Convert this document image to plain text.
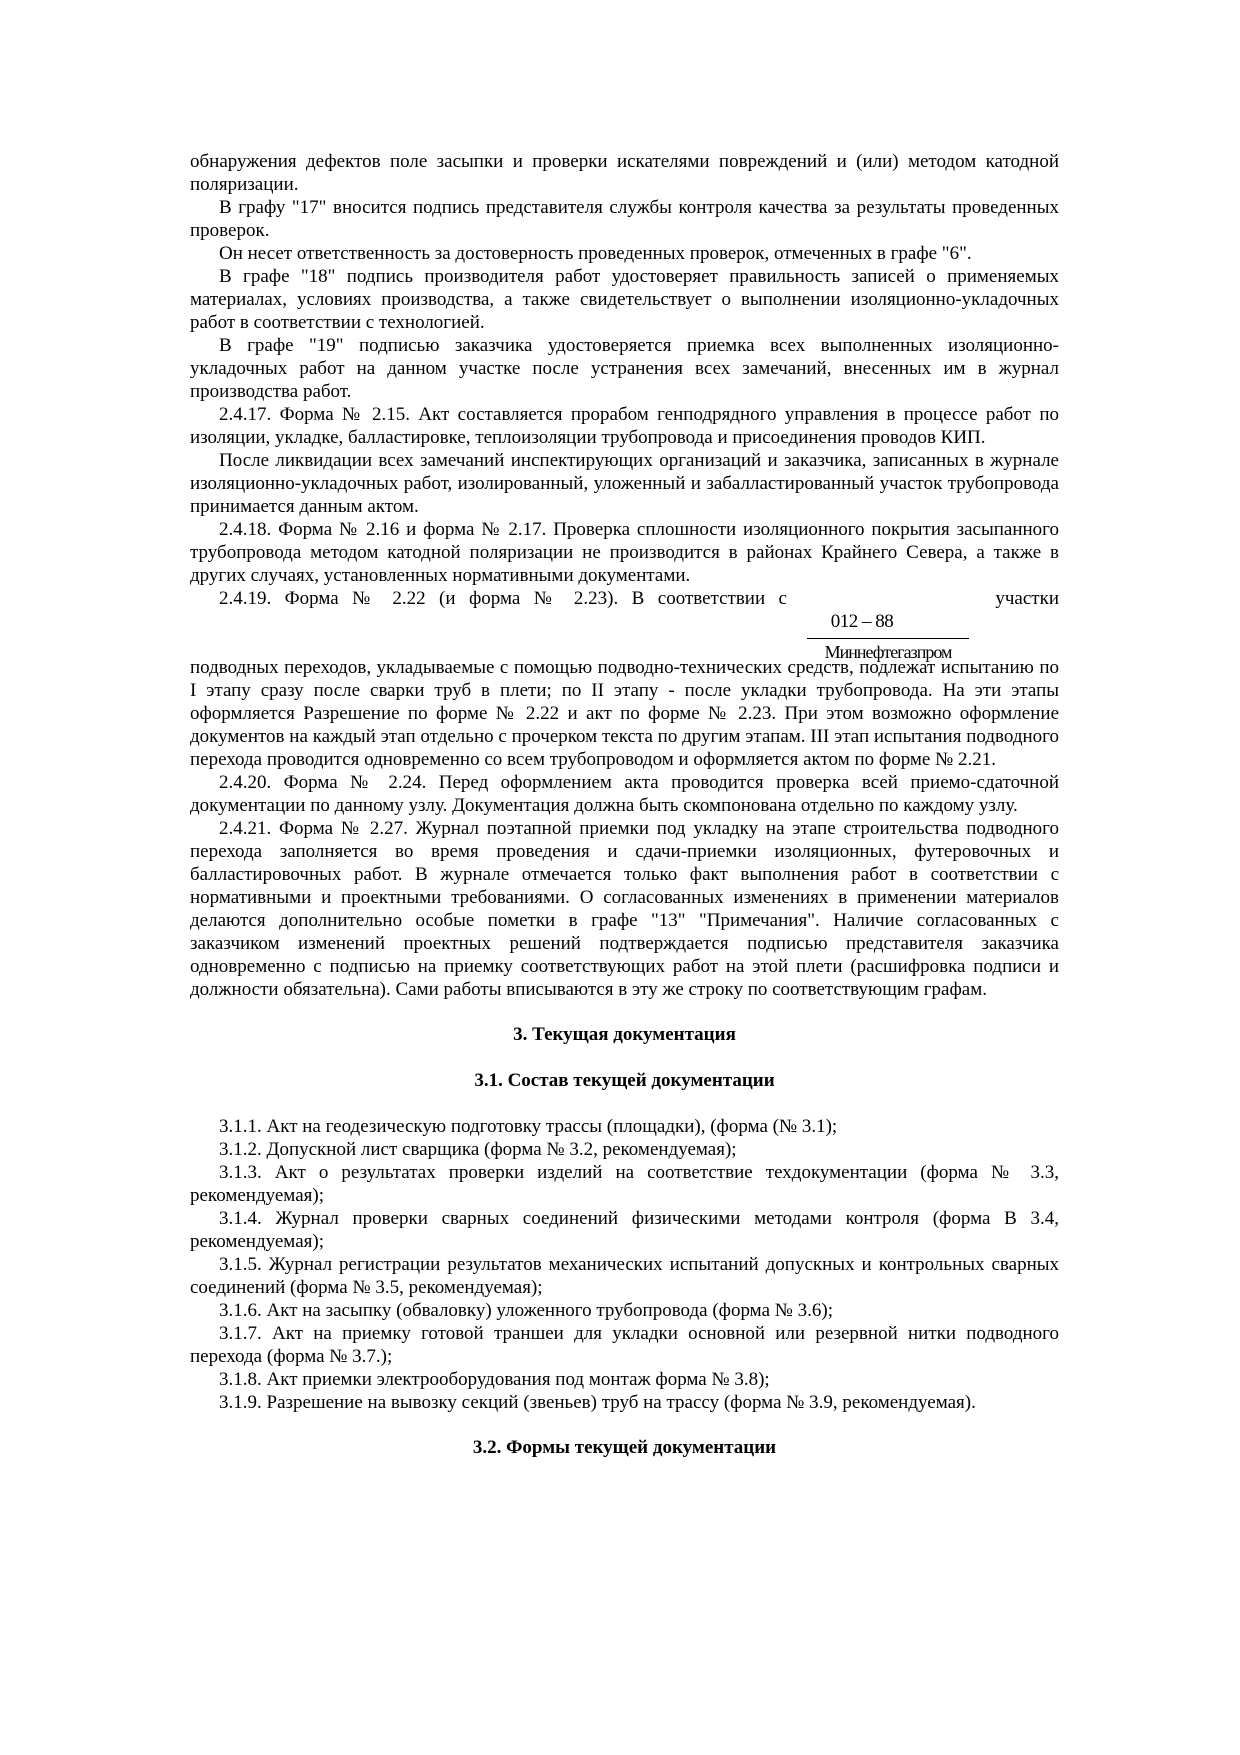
обнаружения дефектов поле засыпки и проверки искателями повреждений и (или) методом катодной поляризации.

В графу "17" вносится подпись представителя службы контроля качества за результаты проведенных проверок.

Он несет ответственность за достоверность проведенных проверок, отмеченных в графе "6".

В графе "18" подпись производителя работ удостоверяет правильность записей о применяемых материалах, условиях производства, а также свидетельствует о выполнении изоляционно-укладочных работ в соответствии с технологией.

В графе "19" подписью заказчика удостоверяется приемка всех выполненных изоляционно-укладочных работ на данном участке после устранения всех замечаний, внесенных им в журнал производства работ.

2.4.17. Форма № 2.15. Акт составляется прорабом генподрядного управления в процессе работ по изоляции, укладке, балластировке, теплоизоляции трубопровода и присоединения проводов КИП.

После ликвидации всех замечаний инспектирующих организаций и заказчика, записанных в журнале изоляционно-укладочных работ, изолированный, уложенный и забалластированный участок трубопровода принимается данным актом.

2.4.18. Форма № 2.16 и форма № 2.17. Проверка сплошности изоляционного покрытия засыпанного трубопровода методом катодной поляризации не производится в районах Крайнего Севера, а также в других случаях, установленных нормативными документами.

2.4.19. Форма № 2.22 (и форма № 2.23). В соответствии с	участки
012 – 88
Миннефтегазпром

подводных переходов, укладываемые с помощью подводно-технических средств, подлежат испытанию по I этапу сразу после сварки труб в плети; по II этапу - после укладки трубопровода. На эти этапы оформляется Разрешение по форме № 2.22 и акт по форме № 2.23. При этом возможно оформление документов на каждый этап отдельно с прочерком текста по другим этапам. III этап испытания подводного перехода проводится одновременно со всем трубопроводом и оформляется актом по форме № 2.21.

2.4.20. Форма № 2.24. Перед оформлением акта проводится проверка всей приемо-сдаточной документации по данному узлу. Документация должна быть скомпонована отдельно по каждому узлу.

2.4.21. Форма № 2.27. Журнал поэтапной приемки под укладку на этапе строительства подводного перехода заполняется во время проведения и сдачи-приемки изоляционных, футеровочных и балластировочных работ. В журнале отмечается только факт выполнения работ в соответствии с нормативными и проектными требованиями. О согласованных изменениях в применении материалов делаются дополнительно особые пометки в графе "13" "Примечания". Наличие согласованных с заказчиком изменений проектных решений подтверждается подписью представителя заказчика одновременно с подписью на приемку соответствующих работ на этой плети (расшифровка подписи и должности обязательна). Сами работы вписываются в эту же строку по соответствующим графам.

3. Текущая документация

3.1. Состав текущей документации

3.1.1. Акт на геодезическую подготовку трассы (площадки), (форма (№ 3.1);

3.1.2. Допускной лист сварщика (форма № 3.2, рекомендуемая);

3.1.3. Акт о результатах проверки изделий на соответствие техдокументации (форма № 3.3, рекомендуемая);

3.1.4. Журнал проверки сварных соединений физическими методами контроля (форма В 3.4, рекомендуемая);

3.1.5. Журнал регистрации результатов механических испытаний допускных и контрольных сварных соединений (форма № 3.5, рекомендуемая);

3.1.6. Акт на засыпку (обваловку) уложенного трубопровода (форма № 3.6);

3.1.7. Акт на приемку готовой траншеи для укладки основной или резервной нитки подводного перехода (форма № 3.7.);

3.1.8. Акт приемки электрооборудования под монтаж форма № 3.8);

3.1.9. Разрешение на вывозку секций (звеньев) труб на трассу (форма № 3.9, рекомендуемая).

3.2. Формы текущей документации
